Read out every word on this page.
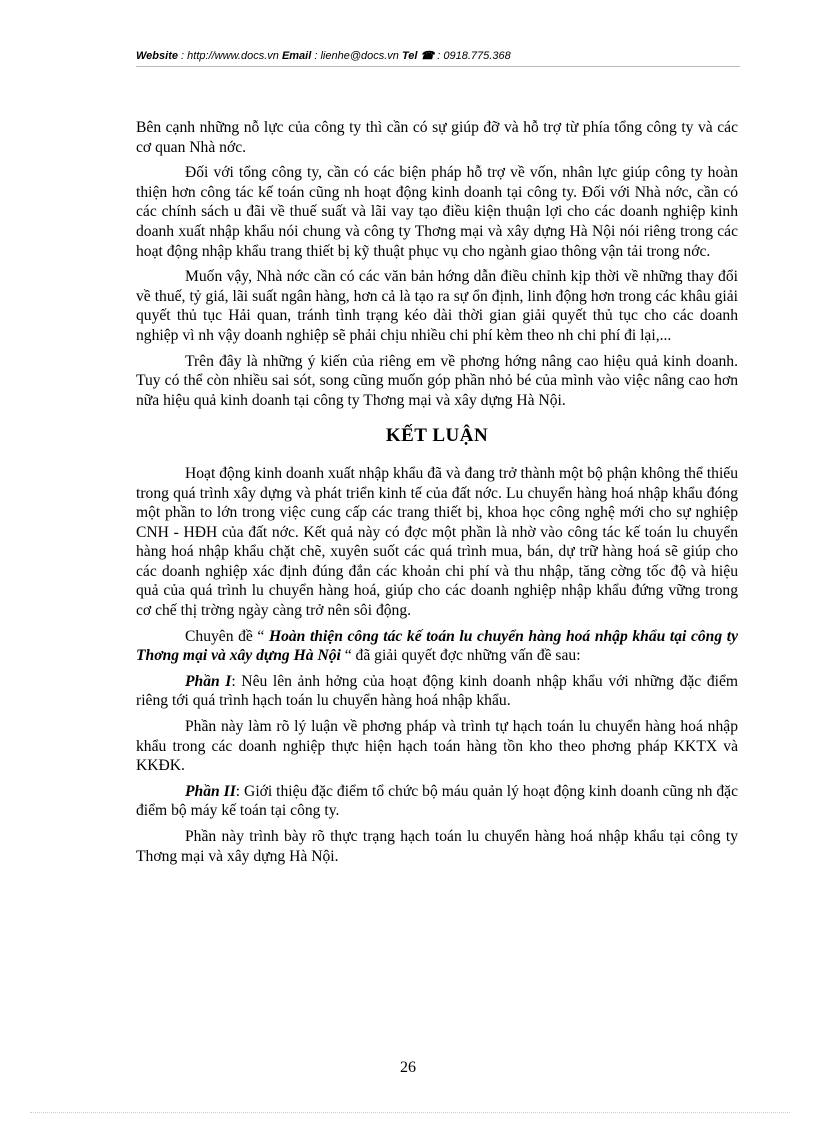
Website : http://www.docs.vn Email : lienhe@docs.vn Tel ☎ : 0918.775.368

Bên cạnh những nỗ lực của công ty thì cần có sự giúp đỡ và hỗ trợ từ phía tổng công ty và các cơ quan Nhà nớc.

Đối với tổng công ty, cần có các biện pháp hỗ trợ về vốn, nhân lực giúp công ty hoàn thiện hơn công tác kế toán cũng nh hoạt động kinh doanh tại công ty. Đối với Nhà nớc, cần có các chính sách u đãi về thuế suất và lãi vay tạo điều kiện thuận lợi cho các doanh nghiệp kinh doanh xuất nhập khẩu nói chung và công ty Thơng mại và xây dựng Hà Nội nói riêng trong các hoạt động nhập khẩu trang thiết bị kỹ thuật phục vụ cho ngành giao thông vận tải trong nớc.

Muốn vậy, Nhà nớc cần có các văn bản hớng dẫn điều chỉnh kịp thời về những thay đổi về thuế, tỷ giá, lãi suất ngân hàng, hơn cả là tạo ra sự ổn định, linh động hơn trong các khâu giải quyết thủ tục Hải quan, tránh tình trạng kéo dài thời gian giải quyết thủ tục cho các doanh nghiệp vì nh vậy doanh nghiệp sẽ phải chịu nhiều chi phí kèm theo nh chi phí đi lại,...

Trên đây là những ý kiến của riêng em về phơng hớng nâng cao hiệu quả kinh doanh. Tuy có thể còn nhiều sai sót, song cũng muốn góp phần nhỏ bé của mình vào việc nâng cao hơn nữa hiệu quả kinh doanh tại công ty Thơng mại và xây dựng Hà Nội.

KẾT LUẬN

Hoạt động kinh doanh xuất nhập khẩu đã và đang trở thành một bộ phận không thể thiếu trong quá trình xây dựng và phát triển kinh tế của đất nớc. Lu chuyển hàng hoá nhập khẩu đóng một phần to lớn trong việc cung cấp các trang thiết bị, khoa học công nghệ mới cho sự nghiệp CNH - HĐH của đất nớc. Kết quả này có đợc một phần là nhờ vào công tác kế toán lu chuyển hàng hoá nhập khẩu chặt chẽ, xuyên suốt các quá trình mua, bán, dự trữ hàng hoá sẽ giúp cho các doanh nghiệp xác định đúng đắn các khoản chi phí và thu nhập, tăng cờng tốc độ và hiệu quả của quá trình lu chuyển hàng hoá, giúp cho các doanh nghiệp nhập khẩu đứng vững trong cơ chế thị trờng ngày càng trở nên sôi động.

Chuyên đề “ Hoàn thiện công tác kế toán lu chuyển hàng hoá nhập khẩu tại công ty Thơng mại và xây dựng Hà Nội “ đã giải quyết đợc những vấn đề sau:

Phần I: Nêu lên ảnh hởng của hoạt động kinh doanh nhập khẩu với những đặc điểm riêng tới quá trình hạch toán lu chuyển hàng hoá nhập khẩu.

Phần này làm rõ lý luận về phơng pháp và trình tự hạch toán lu chuyển hàng hoá nhập khẩu trong các doanh nghiệp thực hiện hạch toán hàng tồn kho theo phơng pháp KKTX và KKĐK.

Phần II: Giới thiệu đặc điểm tổ chức bộ máu quản lý hoạt động kinh doanh cũng nh đặc điểm bộ máy kế toán tại công ty.

Phần này trình bày rõ thực trạng hạch toán lu chuyển hàng hoá nhập khẩu tại công ty Thơng mại và xây dựng Hà Nội.

26
